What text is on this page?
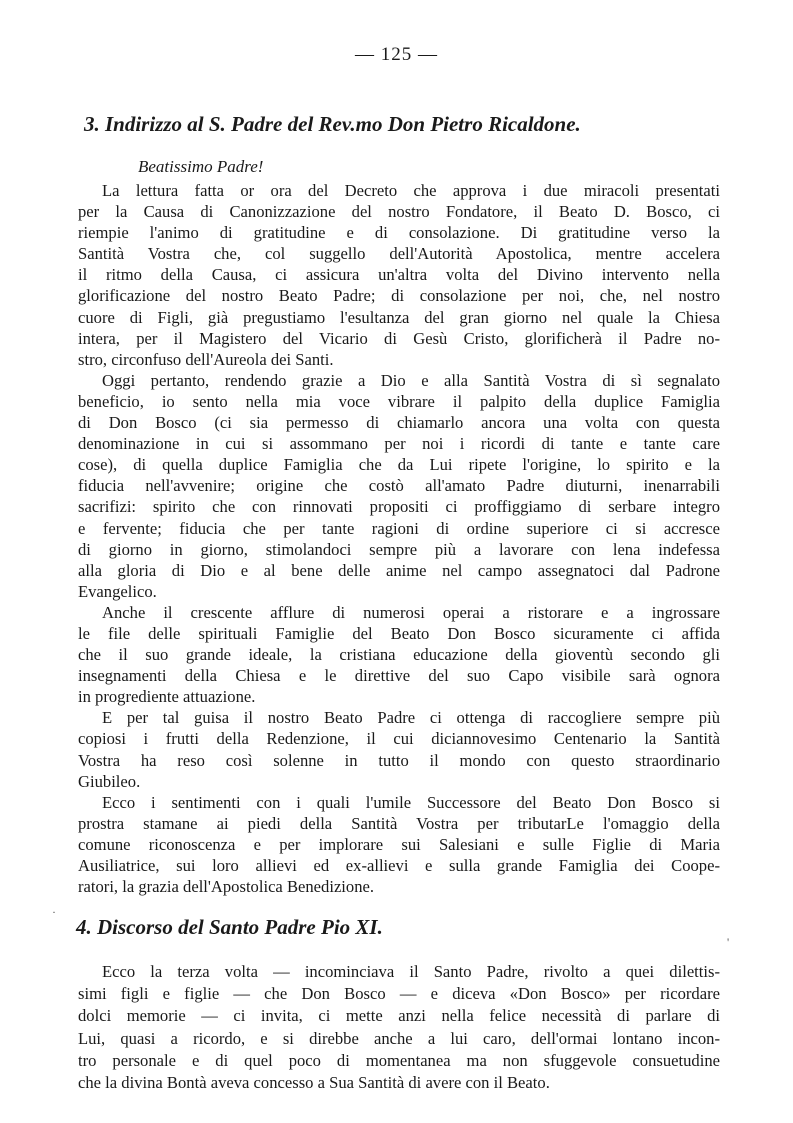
— 125 —
3. Indirizzo al S. Padre del Rev.mo Don Pietro Ricaldone.
Beatissimo Padre!
La lettura fatta or ora del Decreto che approva i due miracoli presentati
per la Causa di Canonizzazione del nostro Fondatore, il Beato D. Bosco, ci
riempie l'animo di gratitudine e di consolazione. Di gratitudine verso la
Santità Vostra che, col suggello dell'Autorità Apostolica, mentre accelera
il ritmo della Causa, ci assicura un'altra volta del Divino intervento nella
glorificazione del nostro Beato Padre; di consolazione per noi, che, nel nostro
cuore di Figli, già pregustiamo l'esultanza del gran giorno nel quale la Chiesa
intera, per il Magistero del Vicario di Gesù Cristo, glorificherà il Padre no-
stro, circonfuso dell'Aureola dei Santi.
Oggi pertanto, rendendo grazie a Dio e alla Santità Vostra di sì segnalato
beneficio, io sento nella mia voce vibrare il palpito della duplice Famiglia
di Don Bosco (ci sia permesso di chiamarlo ancora una volta con questa
denominazione in cui si assommano per noi i ricordi di tante e tante care
cose), di quella duplice Famiglia che da Lui ripete l'origine, lo spirito e la
fiducia nell'avvenire; origine che costò all'amato Padre diuturni, inenarrabili
sacrifizi: spirito che con rinnovati propositi ci proffiggiamo di serbare integro
e fervente; fiducia che per tante ragioni di ordine superiore ci si accresce
di giorno in giorno, stimolandoci sempre più a lavorare con lena indefessa
alla gloria di Dio e al bene delle anime nel campo assegnatoci dal Padrone
Evangelico.
Anche il crescente afflure di numerosi operai a ristorare e a ingrossare
le file delle spirituali Famiglie del Beato Don Bosco sicuramente ci affida
che il suo grande ideale, la cristiana educazione della gioventù secondo gli
insegnamenti della Chiesa e le direttive del suo Capo visibile sarà ognora
in progrediente attuazione.
E per tal guisa il nostro Beato Padre ci ottenga di raccogliere sempre più
copiosi i frutti della Redenzione, il cui diciannovesimo Centenario la Santità
Vostra ha reso così solenne in tutto il mondo con questo straordinario
Giubileo.
Ecco i sentimenti con i quali l'umile Successore del Beato Don Bosco si
prostra stamane ai piedi della Santità Vostra per tributarLe l'omaggio della
comune riconoscenza e per implorare sui Salesiani e sulle Figlie di Maria
Ausiliatrice, sui loro allievi ed ex-allievi e sulla grande Famiglia dei Coope-
ratori, la grazia dell'Apostolica Benedizione.
·
'
4. Discorso del Santo Padre Pio XI.
Ecco la terza volta — incominciava il Santo Padre, rivolto a quei dilettis-
simi figli e figlie — che Don Bosco — e diceva «Don Bosco» per ricordare
dolci memorie — ci invita, ci mette anzi nella felice necessità di parlare di
Lui, quasi a ricordo, e si direbbe anche a lui caro, dell'ormai lontano incon-
tro personale e di quel poco di momentanea ma non sfuggevole consuetudine
che la divina Bontà aveva concesso a Sua Santità di avere con il Beato.
